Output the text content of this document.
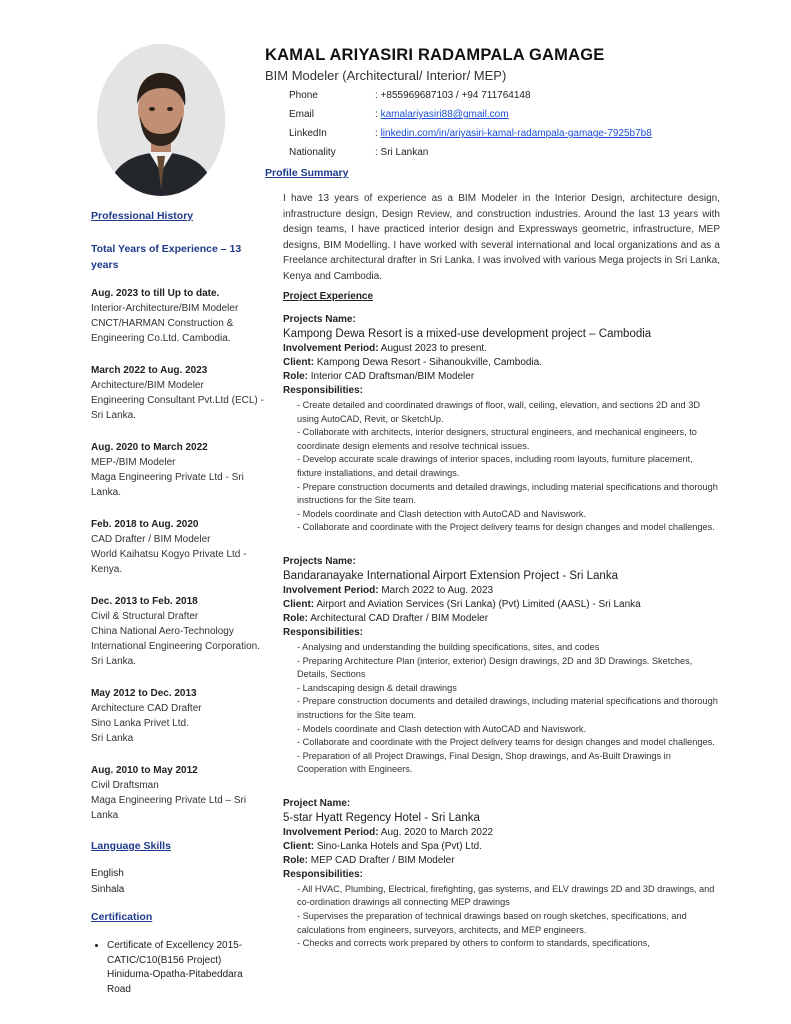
Professional History
Total Years of Experience – 13 years
Aug. 2023 to till Up to date.
Interior-Architecture/BIM Modeler
CNCT/HARMAN Construction & Engineering Co.Ltd. Cambodia.
March 2022 to Aug. 2023
Architecture/BIM Modeler
Engineering Consultant Pvt.Ltd (ECL) - Sri Lanka.
Aug. 2020 to March 2022
MEP-/BIM Modeler
Maga Engineering Private Ltd - Sri Lanka.
Feb. 2018 to Aug. 2020
CAD Drafter / BIM Modeler
World Kaihatsu Kogyo Private Ltd - Kenya.
Dec. 2013 to Feb. 2018
Civil & Structural Drafter
China National Aero-Technology International Engineering Corporation.
Sri Lanka.
May 2012 to Dec. 2013
Architecture CAD Drafter
Sino Lanka Privet Ltd.
Sri Lanka
Aug. 2010 to May 2012
Civil Draftsman
Maga Engineering Private Ltd – Sri Lanka
Language Skills
English
Sinhala
Certification
• Certificate of Excellency 2015- CATIC/C10(B156 Project) Hiniduma-Opatha-Pitabeddara Road
KAMAL ARIYASIRI RADAMPALA GAMAGE
BIM Modeler (Architectural/ Interior/ MEP)
Phone	: +855969687103 / +94 711764148
Email	: kamalariyasiri88@gmail.com
LinkedIn	: linkedin.com/in/ariyasiri-kamal-radampala-gamage-7925b7b8
Nationality	: Sri Lankan
Profile Summary
I have 13 years of experience as a BIM Modeler in the Interior Design, architecture design, infrastructure design, Design Review, and construction industries. Around the last 13 years with design teams, I have practiced interior design and Expressways geometric, infrastructure, MEP designs, BIM Modelling. I have worked with several international and local organizations and as a Freelance architectural drafter in Sri Lanka. I was involved with various Mega projects in Sri Lanka, Kenya and Cambodia.
Project Experience
Projects Name:
Kampong Dewa Resort is a mixed-use development project – Cambodia
Involvement Period: August 2023 to present.
Client: Kampong Dewa Resort - Sihanoukville, Cambodia.
Role: Interior CAD Draftsman/BIM Modeler
Responsibilities:
- Create detailed and coordinated drawings of floor, wall, ceiling, elevation, and sections 2D and 3D using AutoCAD, Revit, or SketchUp.
- Collaborate with architects, interior designers, structural engineers, and mechanical engineers, to coordinate design elements and resolve technical issues.
- Develop accurate scale drawings of interior spaces, including room layouts, furniture placement, fixture installations, and detail drawings.
- Prepare construction documents and detailed drawings, including material specifications and thorough instructions for the Site team.
- Models coordinate and Clash detection with AutoCAD and Naviswork.
- Collaborate and coordinate with the Project delivery teams for design changes and model challenges.
Projects Name:
Bandaranayake International Airport Extension Project - Sri Lanka
Involvement Period: March 2022 to Aug. 2023
Client: Airport and Aviation Services (Sri Lanka) (Pvt) Limited (AASL) - Sri Lanka
Role: Architectural CAD Drafter / BIM Modeler
Responsibilities:
- Analysing and understanding the building specifications, sites, and codes
- Preparing Architecture Plan (interior, exterior) Design drawings, 2D and 3D Drawings. Sketches, Details, Sections
- Landscaping design & detail drawings
- Prepare construction documents and detailed drawings, including material specifications and thorough instructions for the Site team.
- Models coordinate and Clash detection with AutoCAD and Naviswork.
- Collaborate and coordinate with the Project delivery teams for design changes and model challenges.
- Preparation of all Project Drawings, Final Design, Shop drawings, and As-Built Drawings in Cooperation with Engineers.
Project Name:
5-star Hyatt Regency Hotel - Sri Lanka
Involvement Period: Aug. 2020 to March 2022
Client: Sino-Lanka Hotels and Spa (Pvt) Ltd.
Role: MEP CAD Drafter / BIM Modeler
Responsibilities:
- All HVAC, Plumbing, Electrical, firefighting, gas systems, and ELV drawings 2D and 3D drawings, and co-ordination drawings all connecting MEP drawings
- Supervises the preparation of technical drawings based on rough sketches, specifications, and calculations from engineers, surveyors, architects, and MEP engineers.
- Checks and corrects work prepared by others to conform to standards, specifications,
